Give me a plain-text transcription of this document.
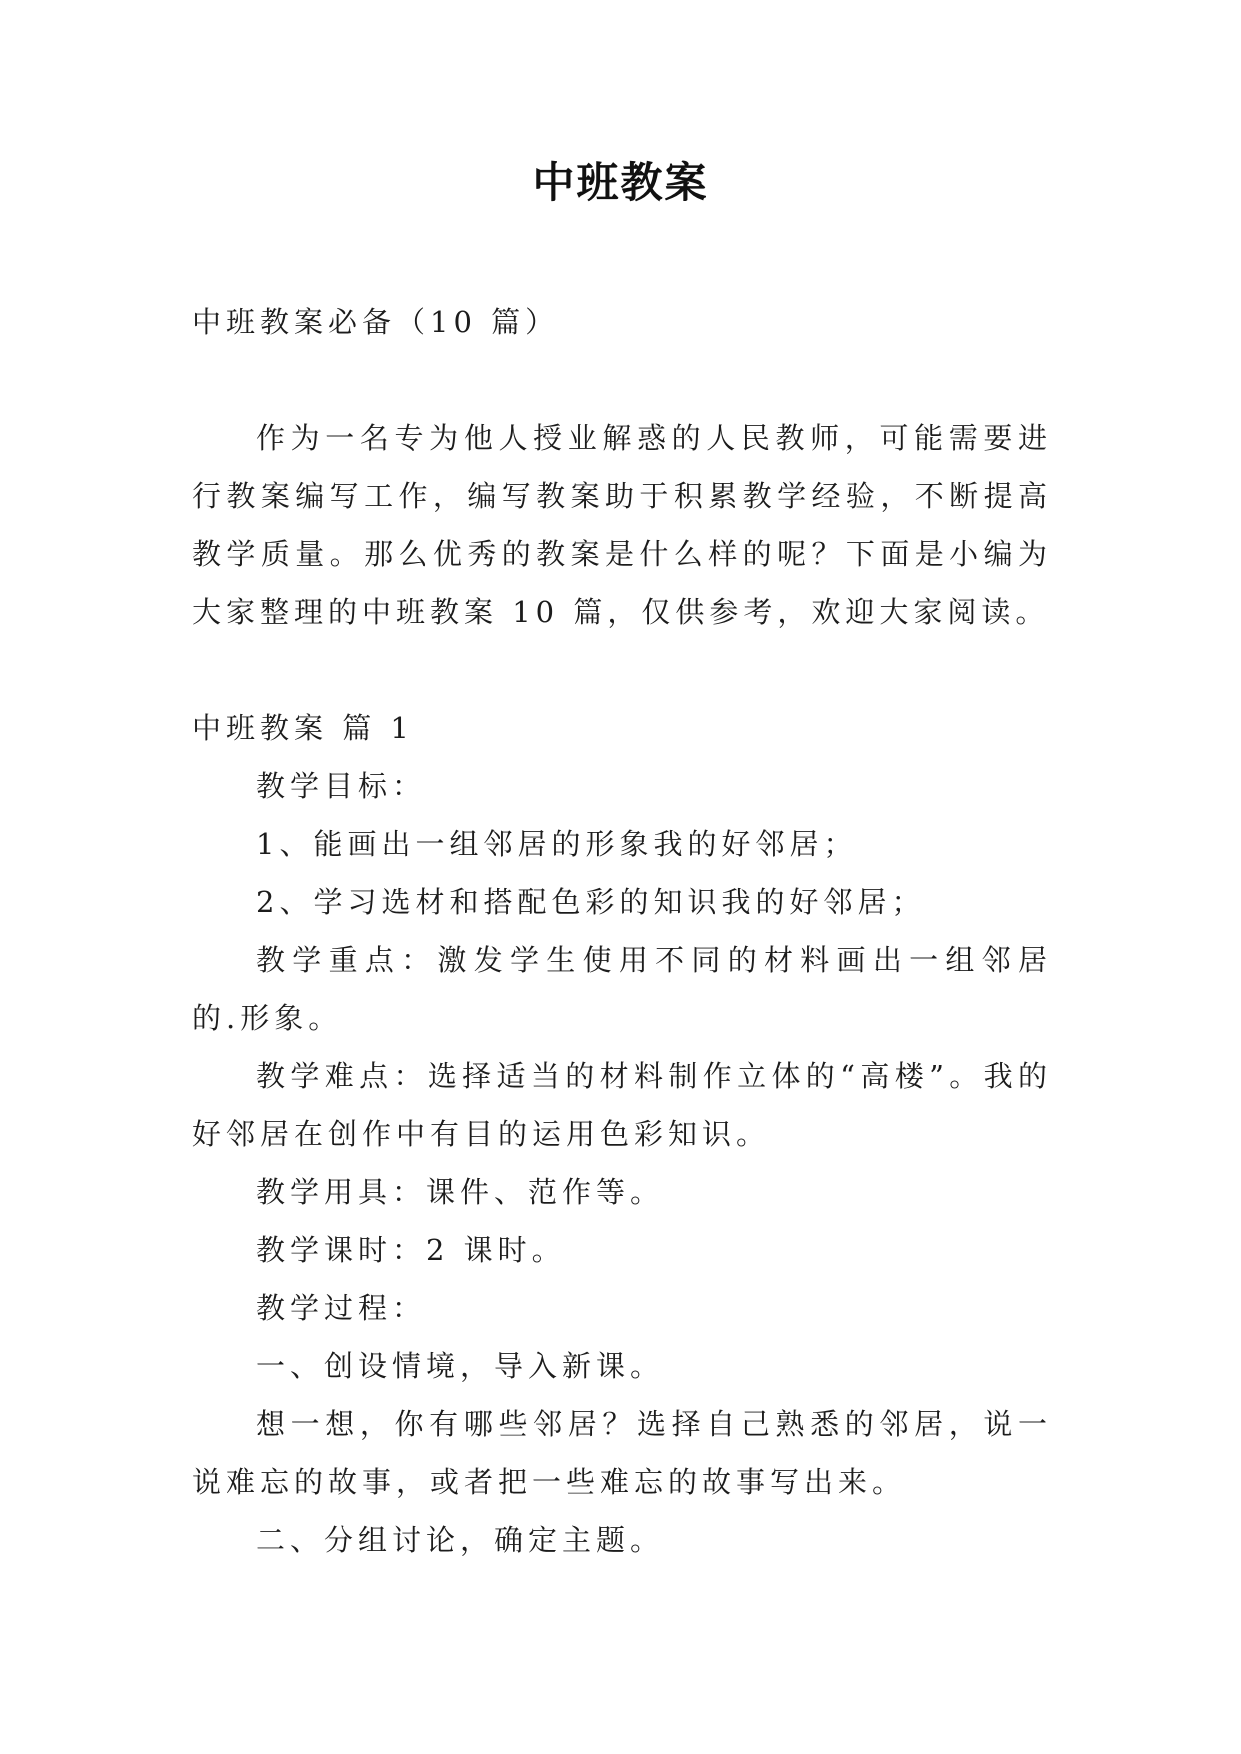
中班教案

中班教案必备（10 篇）

作为一名专为他人授业解惑的人民教师，可能需要进行教案编写工作，编写教案助于积累教学经验，不断提高教学质量。那么优秀的教案是什么样的呢？下面是小编为大家整理的中班教案 10 篇，仅供参考，欢迎大家阅读。

中班教案 篇 1

教学目标：

1、能画出一组邻居的形象我的好邻居；

2、学习选材和搭配色彩的知识我的好邻居；

教学重点：激发学生使用不同的材料画出一组邻居的.形象。

教学难点：选择适当的材料制作立体的“高楼”。我的好邻居在创作中有目的运用色彩知识。

教学用具：课件、范作等。

教学课时：2 课时。

教学过程：

一、创设情境，导入新课。

想一想，你有哪些邻居？选择自己熟悉的邻居，说一说难忘的故事，或者把一些难忘的故事写出来。

二、分组讨论，确定主题。
